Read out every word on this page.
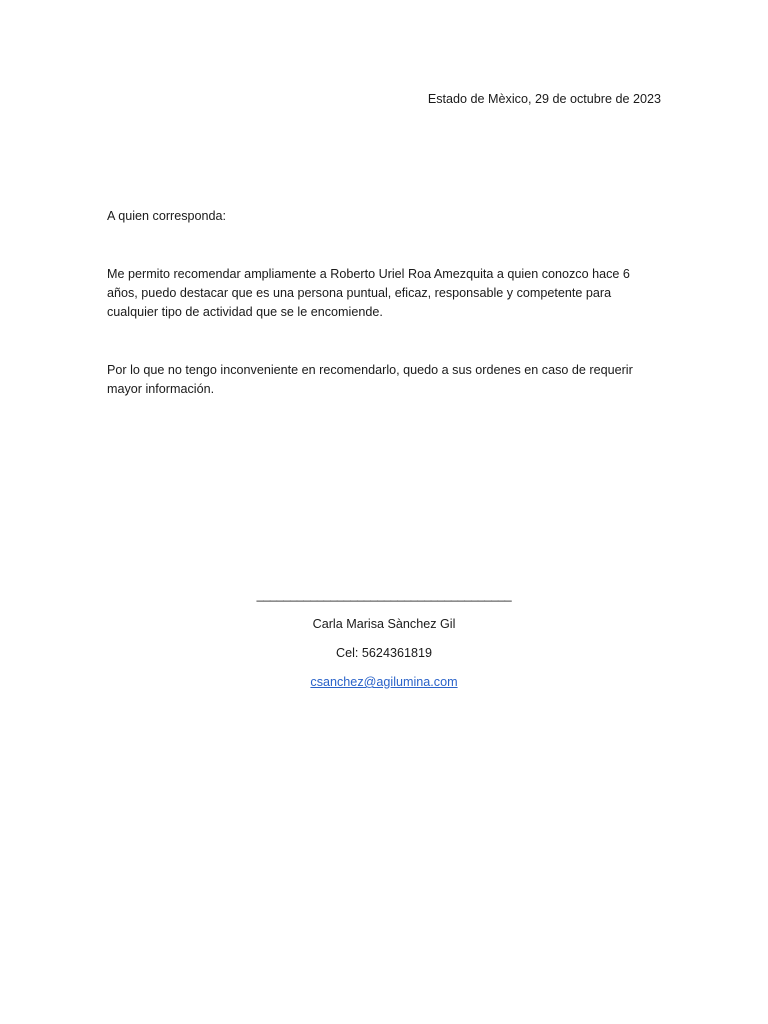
Estado de Mèxico, 29 de octubre de 2023
A quien corresponda:

Me permito recomendar ampliamente a Roberto Uriel Roa Amezquita a quien conozco hace 6 años, puedo destacar que es una persona puntual, eficaz, responsable y competente para cualquier tipo de actividad que se le encomiende.

Por lo que no tengo inconveniente en recomendarlo, quedo a sus ordenes en caso de requerir mayor información.

______________________________________
Carla Marisa Sànchez Gil
Cel: 5624361819
csanchez@agilumina.com
